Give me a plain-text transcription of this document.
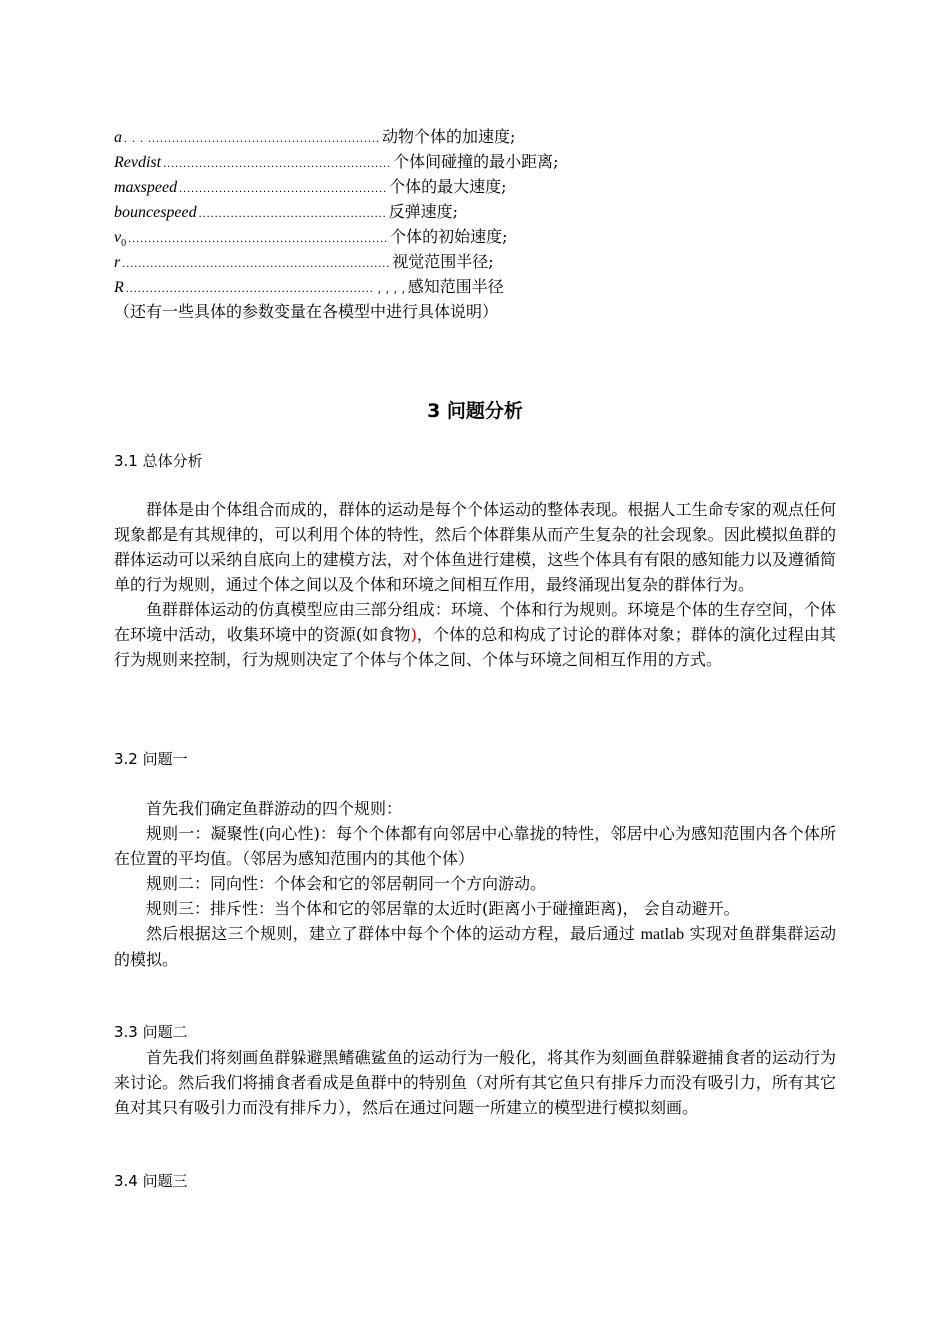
a . . . .......................................................... 动物个体的加速度;
Revdist ......................................................... 个体间碰撞的最小距离;
maxspeed .................................................... 个体的最大速度;
bouncespeed ............................................... 反弹速度;
$v_0$ ................................................................. 个体的初始速度;
r ................................................................... 视觉范围半径;
R .............................................................. , , , , 感知范围半径
（还有一些具体的参数变量在各模型中进行具体说明）
3 问题分析
3.1 总体分析

群体是由个体组合而成的，群体的运动是每个个体运动的整体表现。根据人工生命专家的观点任何现象都是有其规律的，可以利用个体的特性，然后个体群集从而产生复杂的社会现象。因此模拟鱼群的群体运动可以采纳自底向上的建模方法，对个体鱼进行建模，这些个体具有有限的感知能力以及遵循简单的行为规则，通过个体之间以及个体和环境之间相互作用，最终涌现出复杂的群体行为。

鱼群群体运动的仿真模型应由三部分组成：环境、个体和行为规则。环境是个体的生存空间，个体在环境中活动，收集环境中的资源(如食物)，个体的总和构成了讨论的群体对象；群体的演化过程由其行为规则来控制，行为规则决定了个体与个体之间、个体与环境之间相互作用的方式。

3.2 问题一

首先我们确定鱼群游动的四个规则：

规则一：凝聚性(向心性)：每个个体都有向邻居中心靠拢的特性，邻居中心为感知范围内各个体所在位置的平均值。（邻居为感知范围内的其他个体）

规则二：同向性：个体会和它的邻居朝同一个方向游动。

规则三：排斥性：当个体和它的邻居靠的太近时(距离小于碰撞距离)， 会自动避开。

然后根据这三个规则，建立了群体中每个个体的运动方程，最后通过 matlab 实现对鱼群集群运动的模拟。

3.3 问题二

首先我们将刻画鱼群躲避黑鳍礁鲨鱼的运动行为一般化，将其作为刻画鱼群躲避捕食者的运动行为来讨论。然后我们将捕食者看成是鱼群中的特别鱼（对所有其它鱼只有排斥力而没有吸引力，所有其它鱼对其只有吸引力而没有排斥力），然后在通过问题一所建立的模型进行模拟刻画。

3.4 问题三
